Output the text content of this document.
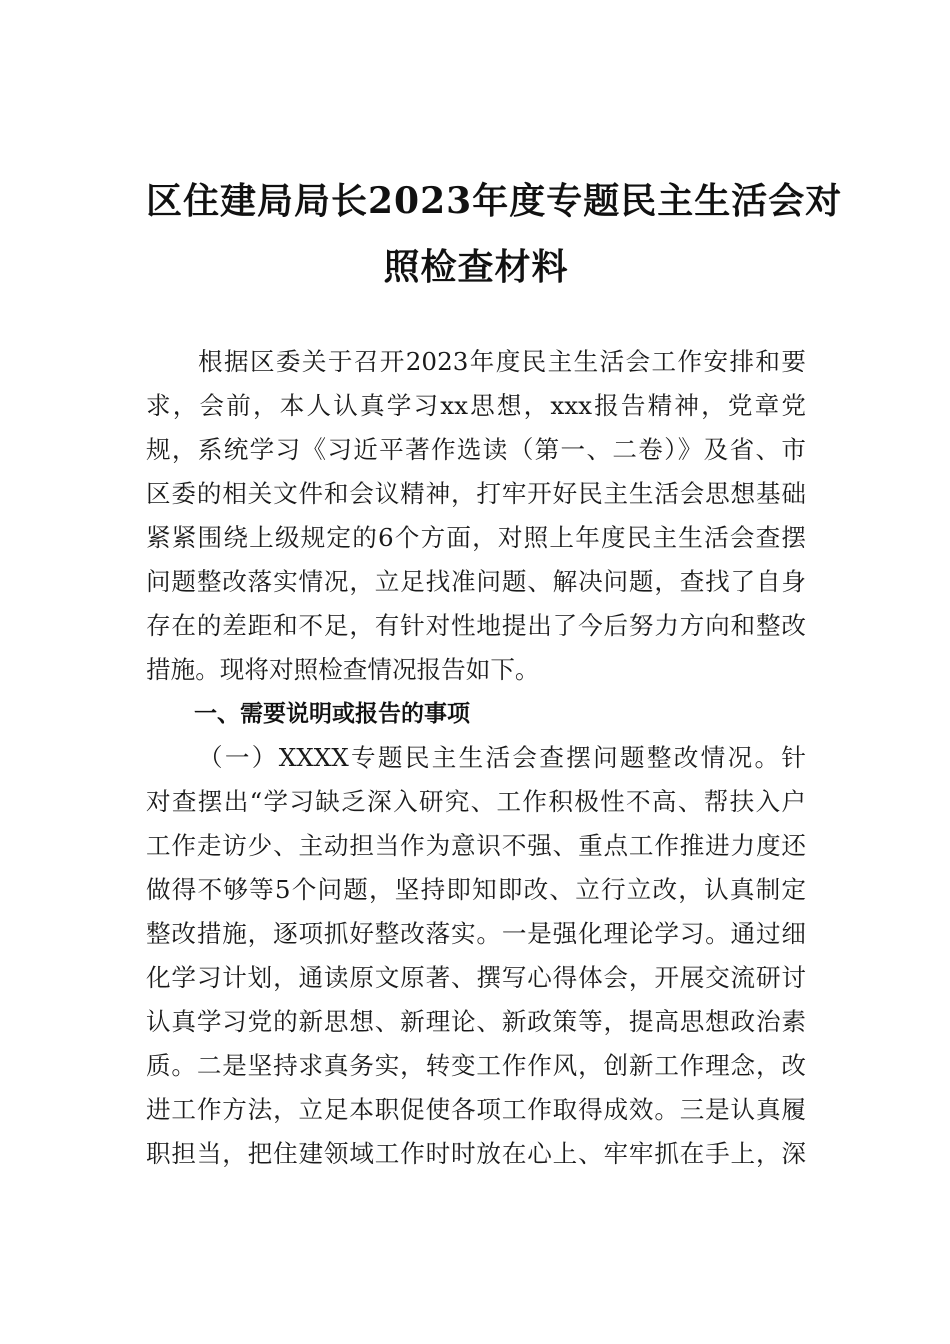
区住建局局长2023年度专题民主生活会对
照检查材料
根据区委关于召开2023年度民主生活会工作安排和要
求，会前，本人认真学习xx思想，xxx报告精神，党章党
规，系统学习《习近平著作选读（第一、二卷）》及省、市
区委的相关文件和会议精神，打牢开好民主生活会思想基础
紧紧围绕上级规定的6个方面，对照上年度民主生活会查摆
问题整改落实情况，立足找准问题、解决问题，查找了自身
存在的差距和不足，有针对性地提出了今后努力方向和整改
措施。现将对照检查情况报告如下。
一、需要说明或报告的事项
（一）XXXX专题民主生活会查摆问题整改情况。针
对查摆出“学习缺乏深入研究、工作积极性不高、帮扶入户
工作走访少、主动担当作为意识不强、重点工作推进力度还
做得不够等5个问题，坚持即知即改、立行立改，认真制定
整改措施，逐项抓好整改落实。一是强化理论学习。通过细
化学习计划，通读原文原著、撰写心得体会，开展交流研讨
认真学习党的新思想、新理论、新政策等，提高思想政治素
质。二是坚持求真务实，转变工作作风，创新工作理念，改
进工作方法，立足本职促使各项工作取得成效。三是认真履
职担当，把住建领域工作时时放在心上、牢牢抓在手上，深
